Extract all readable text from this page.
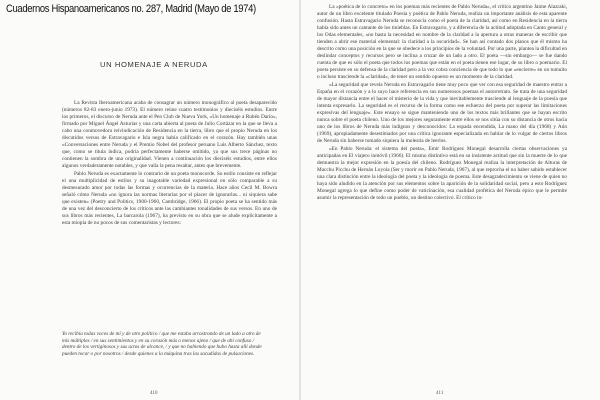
Cuadernos Hispanoamericanos no. 287, Madrid (Mayo de 1974)
UN HOMENAJE A NERUDA

La Revista Iberoamericana acaba de consagrar un número monográfico al poeta desaparecido (números 82-83 enero-junio 1973). El número reúne cuatro testimonios y dieciséis estudios. Entre los primeros, el discurso de Neruda ante el Pen Club de Nueva York, «Un homenaje a Rubén Darío», firmado por Miguel Ángel Asturias y una carta abierta al poeta de Julio Cortázar en la que se lleva a cabo una conmovedora reivindicación de Residencia en la tierra, libro que el propio Neruda en los discutidos versos de Estravagario e Isla negra había calificado en el corazón. Hay también unas «Conversaciones entre Neruda y el Premio Nobel del profesor peruano Luis Alberto Sánchez, texto que, como se titula indica, podría perfectamente haberse omitido, ya que sus trece páginas no contienen la sombra de una originalidad. Vienen a continuación los dieciséis estudios, entre ellos algunos verdaderamente notables, y que valía la pena resaltar, antes que brevemente.

Pablo Neruda es exactamente lo contrario de un poeta monocorde. Su estilo consiste en reflejar el una multiplicidad de estilos y su inagotable variedad expresional en sólo comparable a su desmesurado amor por todas las formas y ocurrencias de la materia. Hace años Cecil M. Bowra señaló cómo Neruda «no ignora las normas literarias por el placer de ignorarlas... ni siquiera sabe que existen» (Poetry and Politics, 1900-1960, Cambridge, 1966). El propio poeta se ha sentido más de una vez del desconcierto de los críticos ante las cambiantes tonalidades de sus versos. En uno de sus libros más recientes, La barcarola (1967), ha previsto en su obra que se alude explícitamente a esta miopía de no pocos de sus comentaristas y lectores:

Yo recibía todas voces de mí y de otro político / que me estaba arrastrando de un lado a otro de mis múltiples / en sus sentimientos y en su corazón más o menos ajeno / que de ahí confuso / dentro de los vertiginosos y sus actos de alcance, / y que no habiendo que hubo hasta allí donde pueden tocar o por nosotros / desde quienes a la máquina tras las sacudidas de pulsaciones.
410

La «poética de lo concreto» en los poemas más recientes de Pablo Neruda», el crítico argentino Jaime Alazraki, autor de un libro excelente titulado Poesía y poética de Pablo Neruda, realiza un importante análisis de esta aparente confusión. Hasta Estravagario Neruda se reconocía como el poeta de la claridad, así como en Residencia en la tierra había sido antes un cantante de los tinieblas. En Estravagario, y a diferencia de la actitud adoptada en Canto general y los Odas elementales, «no basta la necesidad en nombre de la claridad a la apertura a otras maneras de escribir que tienden a abrir ese material elemental: la claridad a la oscuridad». Se han así contado dos planos que él mismo ha descrito como una posición en la que se obedece a los principios de la voluntad. Por una parte, plantea la dificultad en deslindar conceptos y recursos pero se inclina a cruzar de un lado a otro. El poeta —sin embargo— se fue dando cuenta de que es sólo el poeta que todos los poemas que están en el poeta tienen ese lugar, de su libro o poemario. El poeta persiste en su defensa de la claridad pero a la vez cobra conciencia de que todo lo que «encierre» en un tumulto o incluso trasciende la «claridad», de tener un sentido opuesto es un momento de la claridad.

«La seguridad que revela Neruda en Estravagario tiene muy poco que ver con esa seguridad de maestro entrar a España en el corazón y a lo suyo hace referencia en sus numerosos poemas el autorretrato. Se trata de una seguridad de mayor distancia entre el hacer el misterio de la vida y que inevitablemente trasciende al lenguaje de la poesía que intenta expresarlo. La seguridad es el recurso de la forma como ese esfuerzo del poeta por superar las limitaciones expresivas del lenguaje». Este ensayo se sigue manteniendo uno de los textos más brillantes que se hayan escrito nunca sobre el poeta chileno. Uno de los mejores seguramente entre ellos se nos sitúa con su distancia de otros hacia uno de los libros de Neruda más indignos y desconocidos: La espada encendida, La mano del día (1968) y Aún (1969), apropiadamente desestimados por una crítica ignorante especializada en hablar de lo vulgar de ciertos libros de Neruda sin haberse tomado siquiera la molestia de leerlos.

«En Pablo Neruda: el sistema del poeta», Emir Rodríguez Monegal desarrolla ciertas observaciones ya anticipadas en El viajero inmóvil (1966). El mismo distintivo está en su insistente actitud que sin la muerte de lo que demuestra la mejor expresión en la poesía del chileno. Rodríguez Monegal realiza la interpretación de Alturas de Macchu Picchu de Hernán Loyola (Ser y morir en Pablo Neruda, 1967), al que reprocha el no haber sabido establecer una clara distinción entre la ideología del poeta y la ideología de poema. Este desagradecimiento se viene de quien no haya sido aludido en la atención por sus elementos sobre la aparición de la solidaridad social, pero a esto Rodríguez Monegal agrega lo que define como poder de vaticinación, esa cualidad profética del Neruda épico que le permite asumir la representación de todo un pueblo, un destino colectivo. El crítico in-

411
